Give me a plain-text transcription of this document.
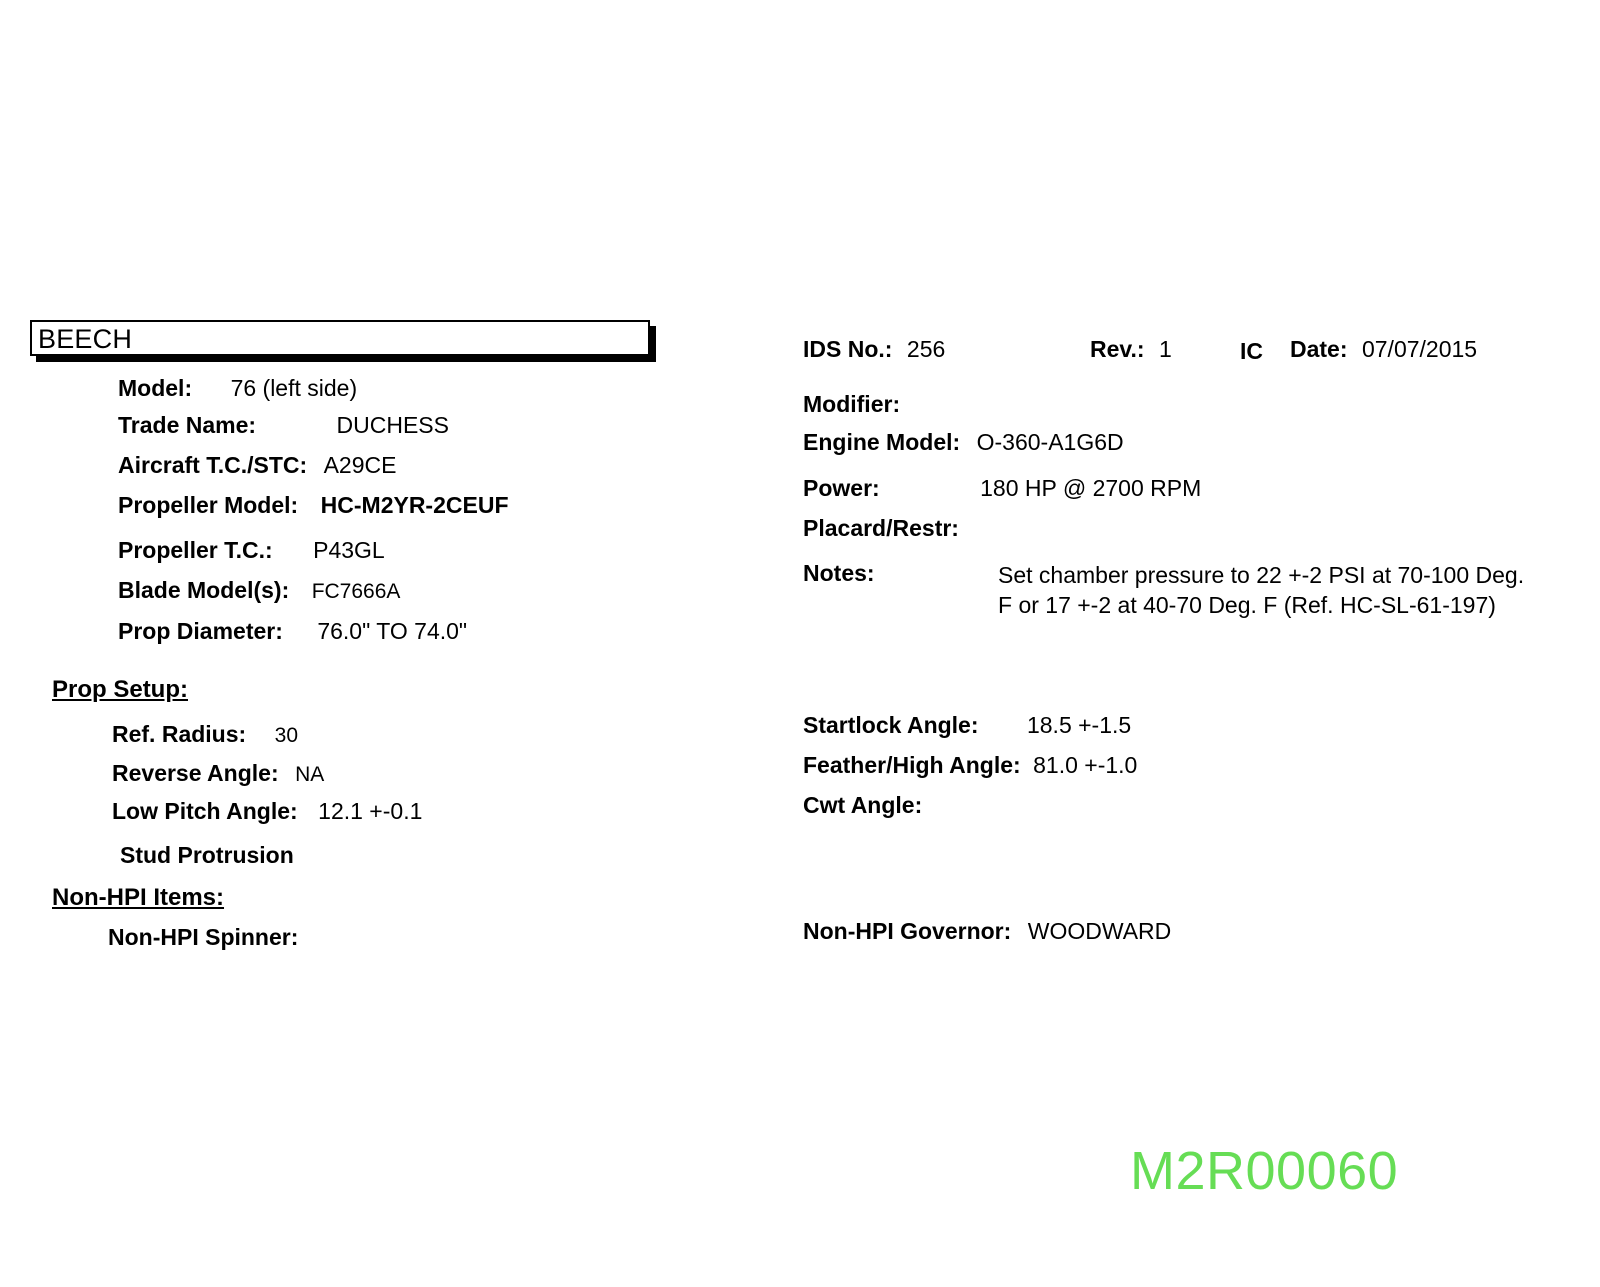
BEECH
Model: 76 (left side)
Trade Name:	DUCHESS
Aircraft T.C./STC: A29CE
Propeller Model: HC-M2YR-2CEUF
Propeller T.C.: P43GL
Blade Model(s): FC7666A
Prop Diameter: 76.0" TO 74.0"
Prop Setup:
Ref. Radius: 30
Reverse Angle: NA
Low Pitch Angle: 12.1 +-0.1
Stud Protrusion
Non-HPI Items:
Non-HPI Spinner:
IDS No.: 256	Rev.: 1	IC Date: 07/07/2015
Modifier:
Engine Model: O-360-A1G6D
Power:	180 HP @ 2700 RPM
Placard/Restr:
Notes:	Set chamber pressure to 22 +-2 PSI at 70-100 Deg. F or 17 +-2 at 40-70 Deg. F (Ref. HC-SL-61-197)
Startlock Angle: 18.5 +-1.5
Feather/High Angle: 81.0 +-1.0
Cwt Angle:
Non-HPI Governor: WOODWARD
M2R00060
